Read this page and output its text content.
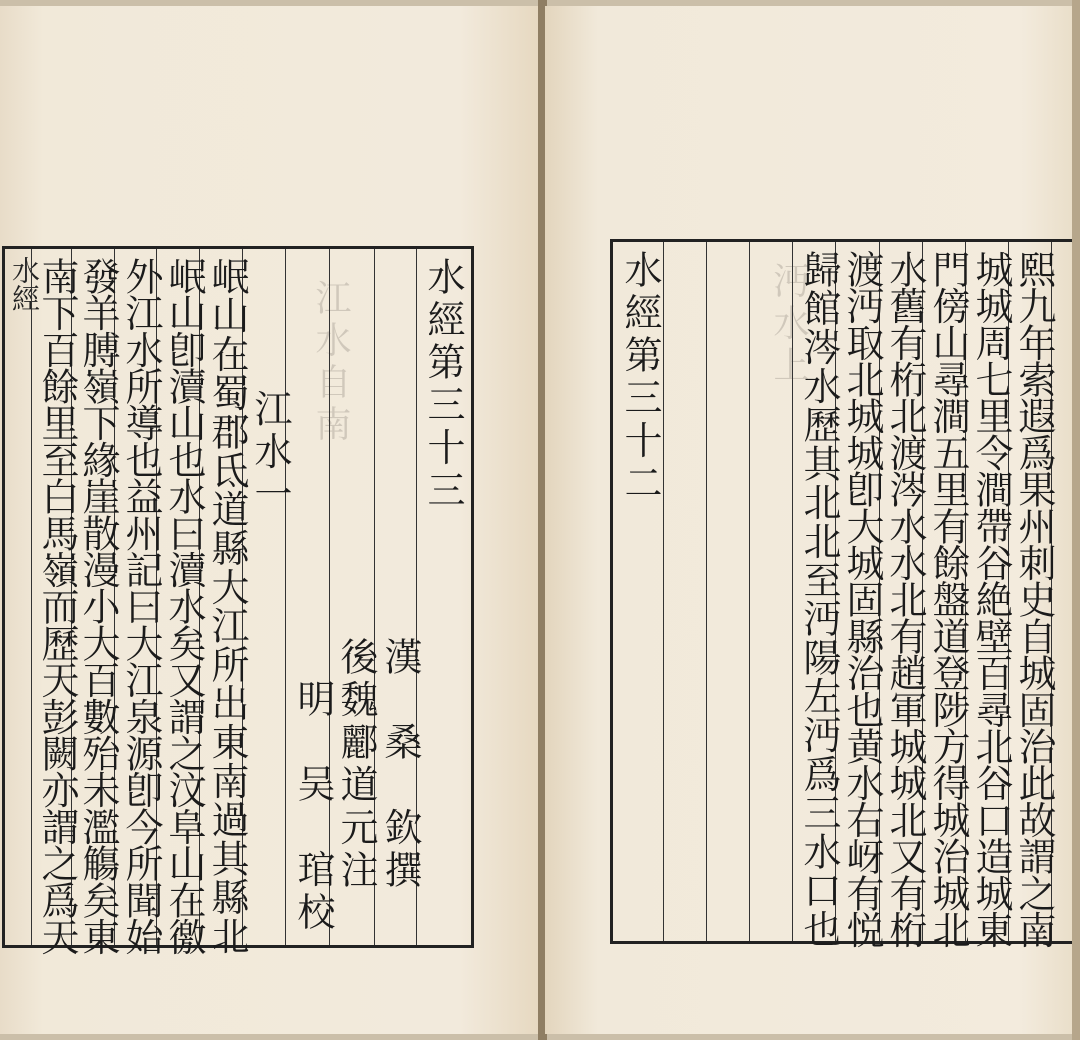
水經	江水自南 水經第三十三
漢　桑　欽撰
後魏酈道元注
明　吴　琯校
江水一
岷山在蜀郡氐道縣大江所出東南過其縣北
岷山卽瀆山也水曰瀆水矣又謂之汶阜山在徼
外江水所導也益州記曰大江泉源卽今所聞始
發羊膊嶺下緣崖散漫小大百數殆未濫觴矣東
南下百餘里至白馬嶺而歷天彭闕亦謂之爲天	沔水上
水經第三十二	歸館涔水歷其北北至沔陽左沔爲三水口也 渡沔取北城城卽大城固縣治也黄水右岈有悦 水舊有桁北渡涔水水北有趙軍城城北又有桁 門傍山尋澗五里有餘盤道登陟方得城治城北 城城周七里令澗帶谷絶壁百尋北谷口造城東 熙九年索遐爲果州刺史自城固治此故謂之南
